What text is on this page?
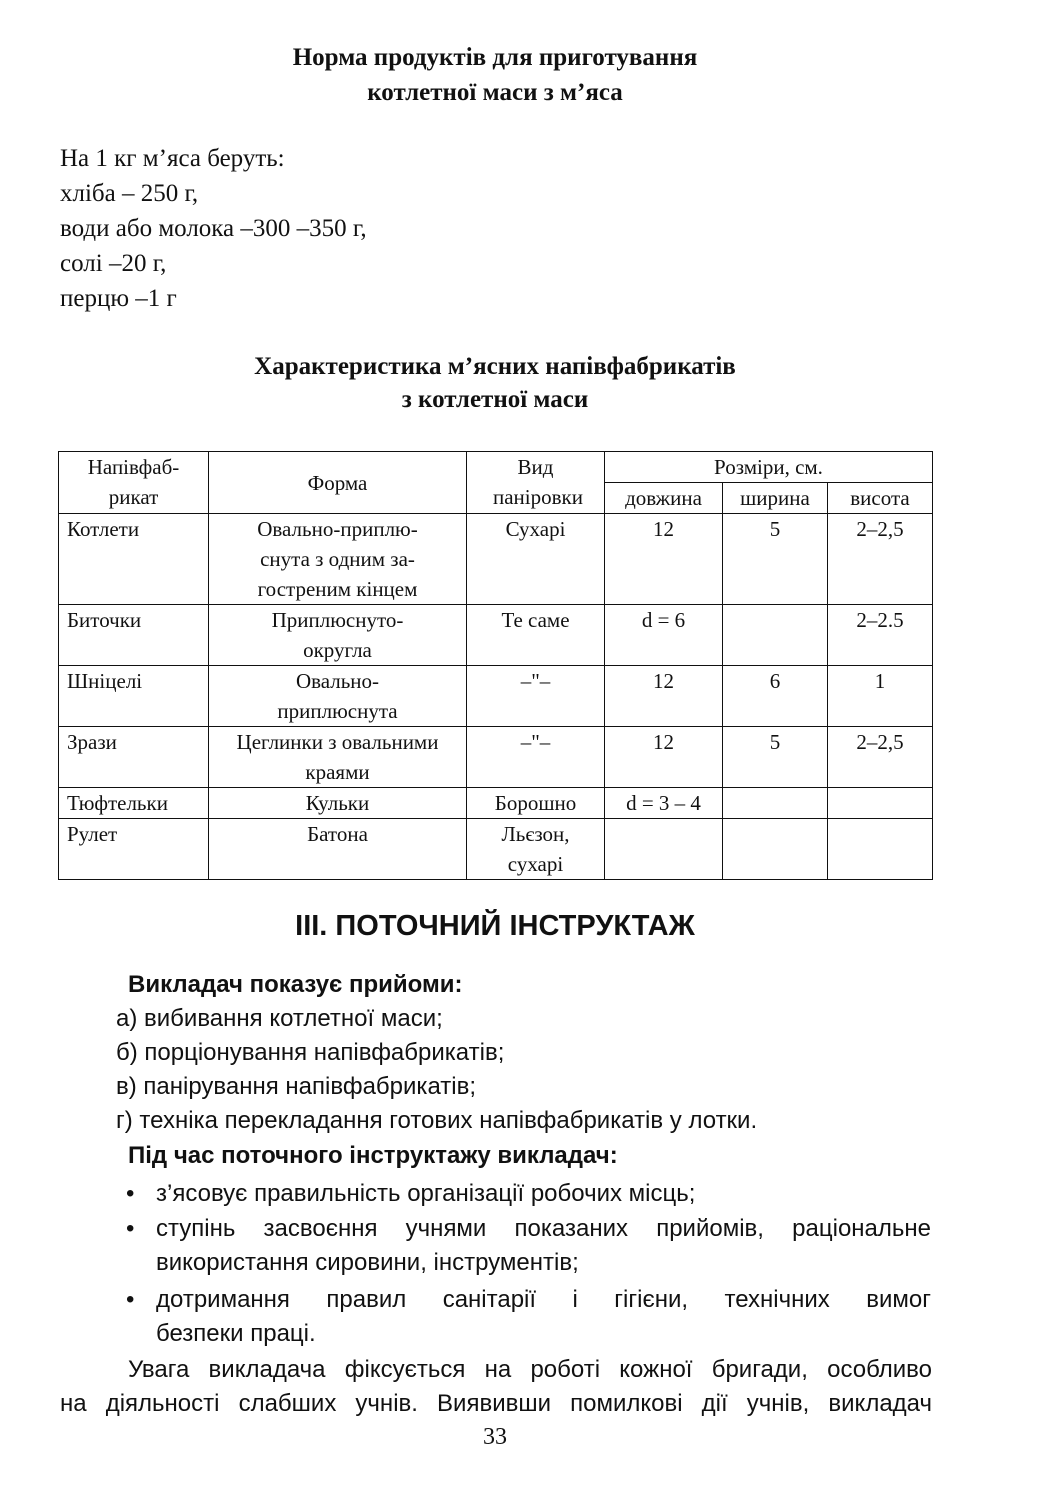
Норма продуктів для приготування
котлетної маси з м’яса
На 1 кг м’яса беруть:
хліба – 250 г,
води або молока –300 –350 г,
солі –20 г,
перцю –1 г
Характеристика м’ясних напівфабрикатів
з котлетної маси
Напівфаб-рикат	Форма	Вид паніровки	Розміри, см.		
			довжина	ширина	висота
Котлети	Овально-приплю-снута з одним за-гостреним кінцем	Сухарі	12	5	2–2,5
Биточки	Приплюснуто-округла	Те саме	d = 6		2–2.5
Шніцелі	Овально-приплюснута	–"–	12	6	1
Зрази	Цеглинки з овальними краями	–"–	12	5	2–2,5
Тюфтельки	Кульки	Борошно	d = 3 – 4		
Рулет	Батона	Льєзон, сухарі			
ІІІ. ПОТОЧНИЙ ІНСТРУКТАЖ
Викладач показує прийоми:
а) вибивання котлетної маси;
б) порціонування напівфабрикатів;
в) панірування напівфабрикатів;
г) техніка перекладання готових напівфабрикатів у лотки.
Під час поточного інструктажу викладач:
• з’ясовує правильність організації робочих місць;
• ступінь засвоєння учнями показаних прийомів, раціональне
використання сировини, інструментів;
• дотримання правил санітарії і гігієни, технічних вимог
безпеки праці.
Увага викладача фіксується на роботі кожної бригади, особливо
на діяльності слабших учнів. Виявивши помилкові дії учнів, викладач
33
